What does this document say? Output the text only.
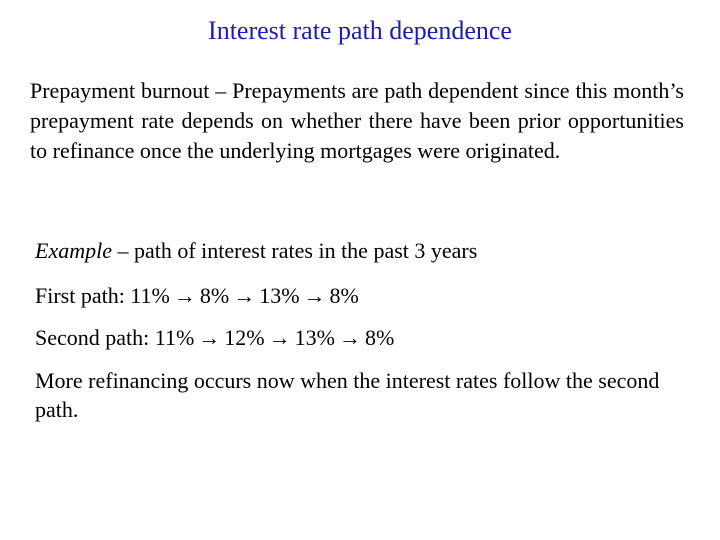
Interest rate path dependence
Prepayment burnout – Prepayments are path dependent since this month’s prepayment rate depends on whether there have been prior opportunities to refinance once the underlying mortgages were originated.
Example – path of interest rates in the past 3 years
First path: 11% → 8% → 13% → 8%
Second path: 11% → 12% → 13% → 8%
More refinancing occurs now when the interest rates follow the second path.
